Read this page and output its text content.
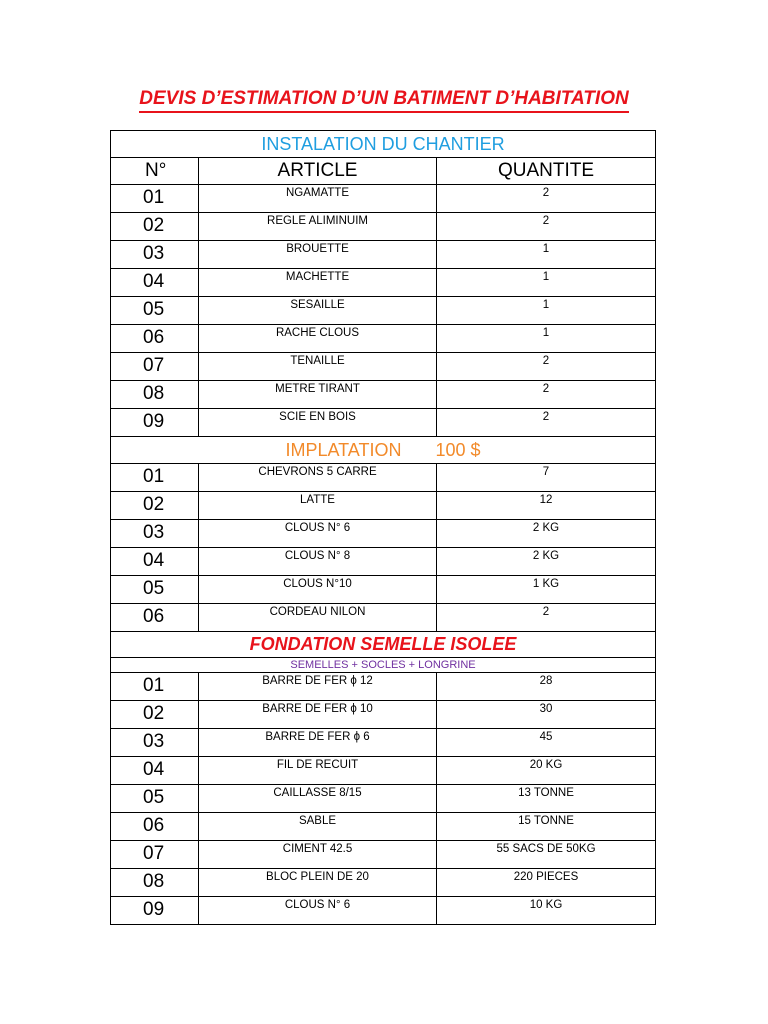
DEVIS D’ESTIMATION D’UN BATIMENT D’HABITATION
INSTALATION DU CHANTIER		
N°	ARTICLE	QUANTITE
01	NGAMATTE	2
02	REGLE ALIMINUIM	2
03	BROUETTE	1
04	MACHETTE	1
05	SESAILLE	1
06	RACHE CLOUS	1
07	TENAILLE	2
08	METRE TIRANT	2
09	SCIE EN BOIS	2
IMPLATATION 100 $		
01	CHEVRONS 5 CARRE	7
02	LATTE	12
03	CLOUS N° 6	2 KG
04	CLOUS N° 8	2 KG
05	CLOUS N°10	1 KG
06	CORDEAU NILON	2
FONDATION SEMELLE ISOLEE		
SEMELLES + SOCLES + LONGRINE		
01	BARRE DE FER ϕ 12	28
02	BARRE DE FER ϕ 10	30
03	BARRE DE FER ϕ 6	45
04	FIL DE RECUIT	20 KG
05	CAILLASSE 8/15	13 TONNE
06	SABLE	15 TONNE
07	CIMENT 42.5	55 SACS DE 50KG
08	BLOC PLEIN DE 20	220 PIECES
09	CLOUS N° 6	10 KG
